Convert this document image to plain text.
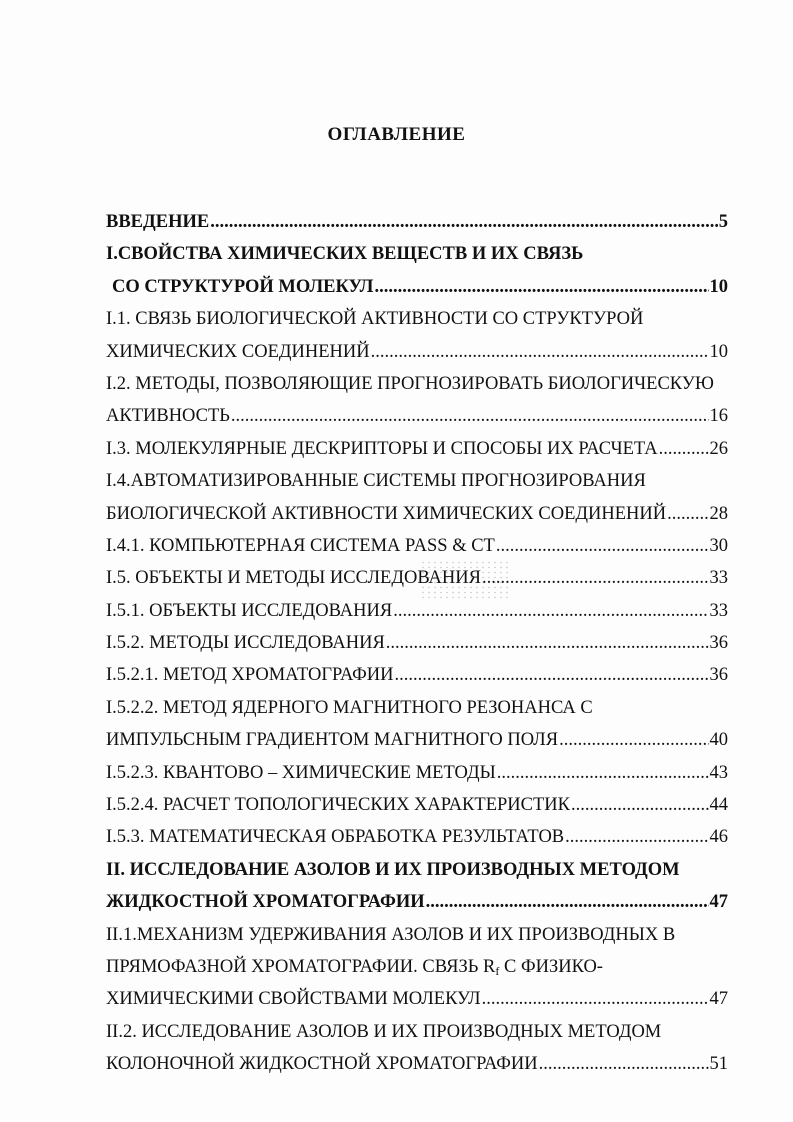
ОГЛАВЛЕНИЕ
ВВЕДЕНИЕ .....	5
I.СВОЙСТВА ХИМИЧЕСКИХ ВЕЩЕСТВ И ИХ СВЯЗЬ
СО СТРУКТУРОЙ МОЛЕКУЛ .....	10
I.1. СВЯЗЬ БИОЛОГИЧЕСКОЙ АКТИВНОСТИ СО СТРУКТУРОЙ
ХИМИЧЕСКИХ СОЕДИНЕНИЙ .....	10
I.2. МЕТОДЫ, ПОЗВОЛЯЮЩИЕ ПРОГНОЗИРОВАТЬ БИОЛОГИЧЕСКУЮ
АКТИВНОСТЬ .....	16
I.3. МОЛЕКУЛЯРНЫЕ ДЕСКРИПТОРЫ И СПОСОБЫ ИХ РАСЧЕТА .....	26
I.4.АВТОМАТИЗИРОВАННЫЕ СИСТЕМЫ ПРОГНОЗИРОВАНИЯ
БИОЛОГИЧЕСКОЙ АКТИВНОСТИ ХИМИЧЕСКИХ СОЕДИНЕНИЙ ..... 28
I.4.1. КОМПЬЮТЕРНАЯ СИСТЕМА PASS & CT .....	30
I.5. ОБЪЕКТЫ И МЕТОДЫ ИССЛЕДОВАНИЯ .....	33
I.5.1. ОБЪЕКТЫ ИССЛЕДОВАНИЯ .....	33
I.5.2. МЕТОДЫ ИССЛЕДОВАНИЯ .....	36
I.5.2.1. МЕТОД ХРОМАТОГРАФИИ .....	36
I.5.2.2. МЕТОД ЯДЕРНОГО МАГНИТНОГО РЕЗОНАНСА С
ИМПУЛЬСНЫМ ГРАДИЕНТОМ МАГНИТНОГО ПОЛЯ .....	40
I.5.2.3. КВАНТОВО – ХИМИЧЕСКИЕ МЕТОДЫ .....	43
I.5.2.4. РАСЧЕТ ТОПОЛОГИЧЕСКИХ ХАРАКТЕРИСТИК .....	44
I.5.3. МАТЕМАТИЧЕСКАЯ ОБРАБОТКА РЕЗУЛЬТАТОВ .....	46
II. ИССЛЕДОВАНИЕ АЗОЛОВ И ИХ ПРОИЗВОДНЫХ МЕТОДОМ
ЖИДКОСТНОЙ ХРОМАТОГРАФИИ .....	47
II.1.МЕХАНИЗМ УДЕРЖИВАНИЯ АЗОЛОВ И ИХ ПРОИЗВОДНЫХ В
ПРЯМОФАЗНОЙ ХРОМАТОГРАФИИ. СВЯЗЬ $R_f$ С ФИЗИКО-
ХИМИЧЕСКИМИ СВОЙСТВАМИ МОЛЕКУЛ .....	47
II.2. ИССЛЕДОВАНИЕ АЗОЛОВ И ИХ ПРОИЗВОДНЫХ МЕТОДОМ
КОЛОНОЧНОЙ ЖИДКОСТНОЙ ХРОМАТОГРАФИИ .....	51
